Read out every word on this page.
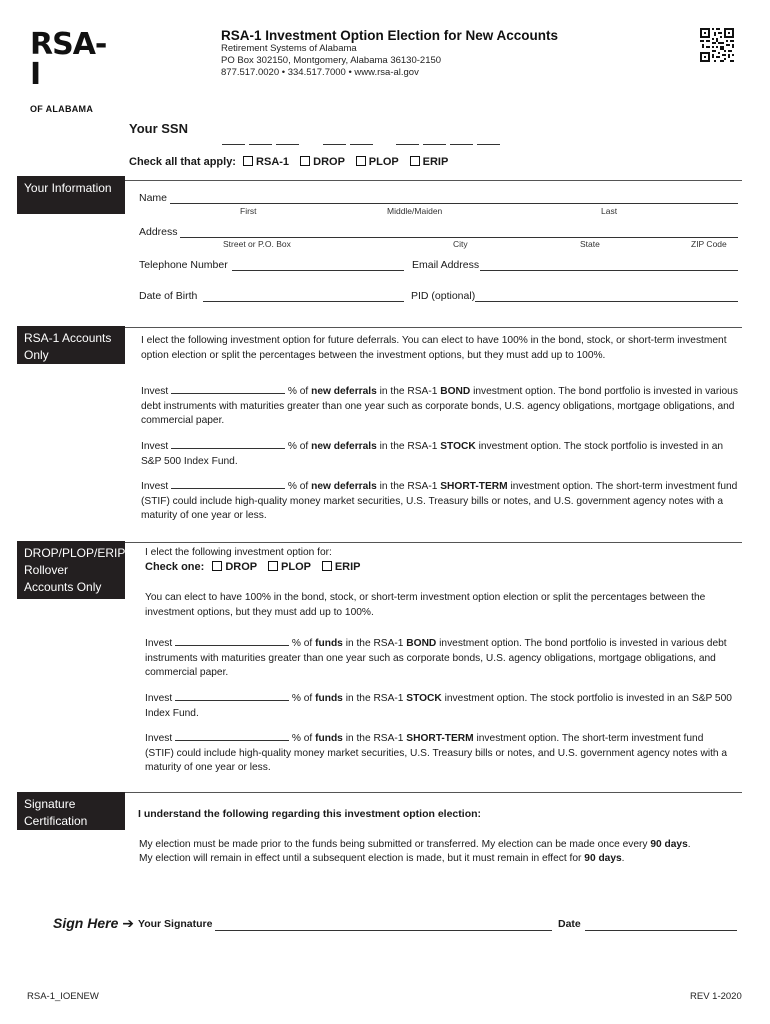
RSA-I
OF ALABAMA
RSA-1 Investment Option Election for New Accounts
Retirement Systems of Alabama
PO Box 302150, Montgomery, Alabama 36130-2150
877.517.0020 • 334.517.7000 • www.rsa-al.gov
Your SSN

Check all that apply: RSA-1 DROP PLOP ERIP
Your Information
Name
First	Middle/Maiden	Last
Address
Street or P.O. Box	City	State	ZIP Code
Telephone Number	Email Address
Date of Birth	PID (optional)
RSA-1 Accounts Only
I elect the following investment option for future deferrals. You can elect to have 100% in the bond, stock, or short-term investment option election or split the percentages between the investment options, but they must add up to 100%.
Invest	% of new deferrals in the RSA-1 BOND investment option. The bond portfolio is invested in various debt instruments with maturities greater than one year such as corporate bonds, U.S. agency obligations, mortgage obligations, and commercial paper.
Invest	% of new deferrals in the RSA-1 STOCK investment option. The stock portfolio is invested in an S&P 500 Index Fund.
Invest	% of new deferrals in the RSA-1 SHORT-TERM investment option. The short-term investment fund (STIF) could include high-quality money market securities, U.S. Treasury bills or notes, and U.S. government agency notes with a maturity of one year or less.
DROP/PLOP/ERIP Rollover Accounts Only
I elect the following investment option for:
Check one: DROP PLOP ERIP
You can elect to have 100% in the bond, stock, or short-term investment option election or split the percentages between the investment options, but they must add up to 100%.
Invest	% of funds in the RSA-1 BOND investment option. The bond portfolio is invested in various debt instruments with maturities greater than one year such as corporate bonds, U.S. agency obligations, mortgage obligations, and commercial paper.
Invest	% of funds in the RSA-1 STOCK investment option. The stock portfolio is invested in an S&P 500 Index Fund.
Invest	% of funds in the RSA-1 SHORT-TERM investment option. The short-term investment fund (STIF) could include high-quality money market securities, U.S. Treasury bills or notes, and U.S. government agency notes with a maturity of one year or less.
Signature Certification	I understand the following regarding this investment option election:
My election must be made prior to the funds being submitted or transferred. My election can be made once every 90 days.
My election will remain in effect until a subsequent election is made, but it must remain in effect for 90 days.
Sign Here ➔ Your Signature	Date
RSA-1_IOENEW	REV 1-2020
